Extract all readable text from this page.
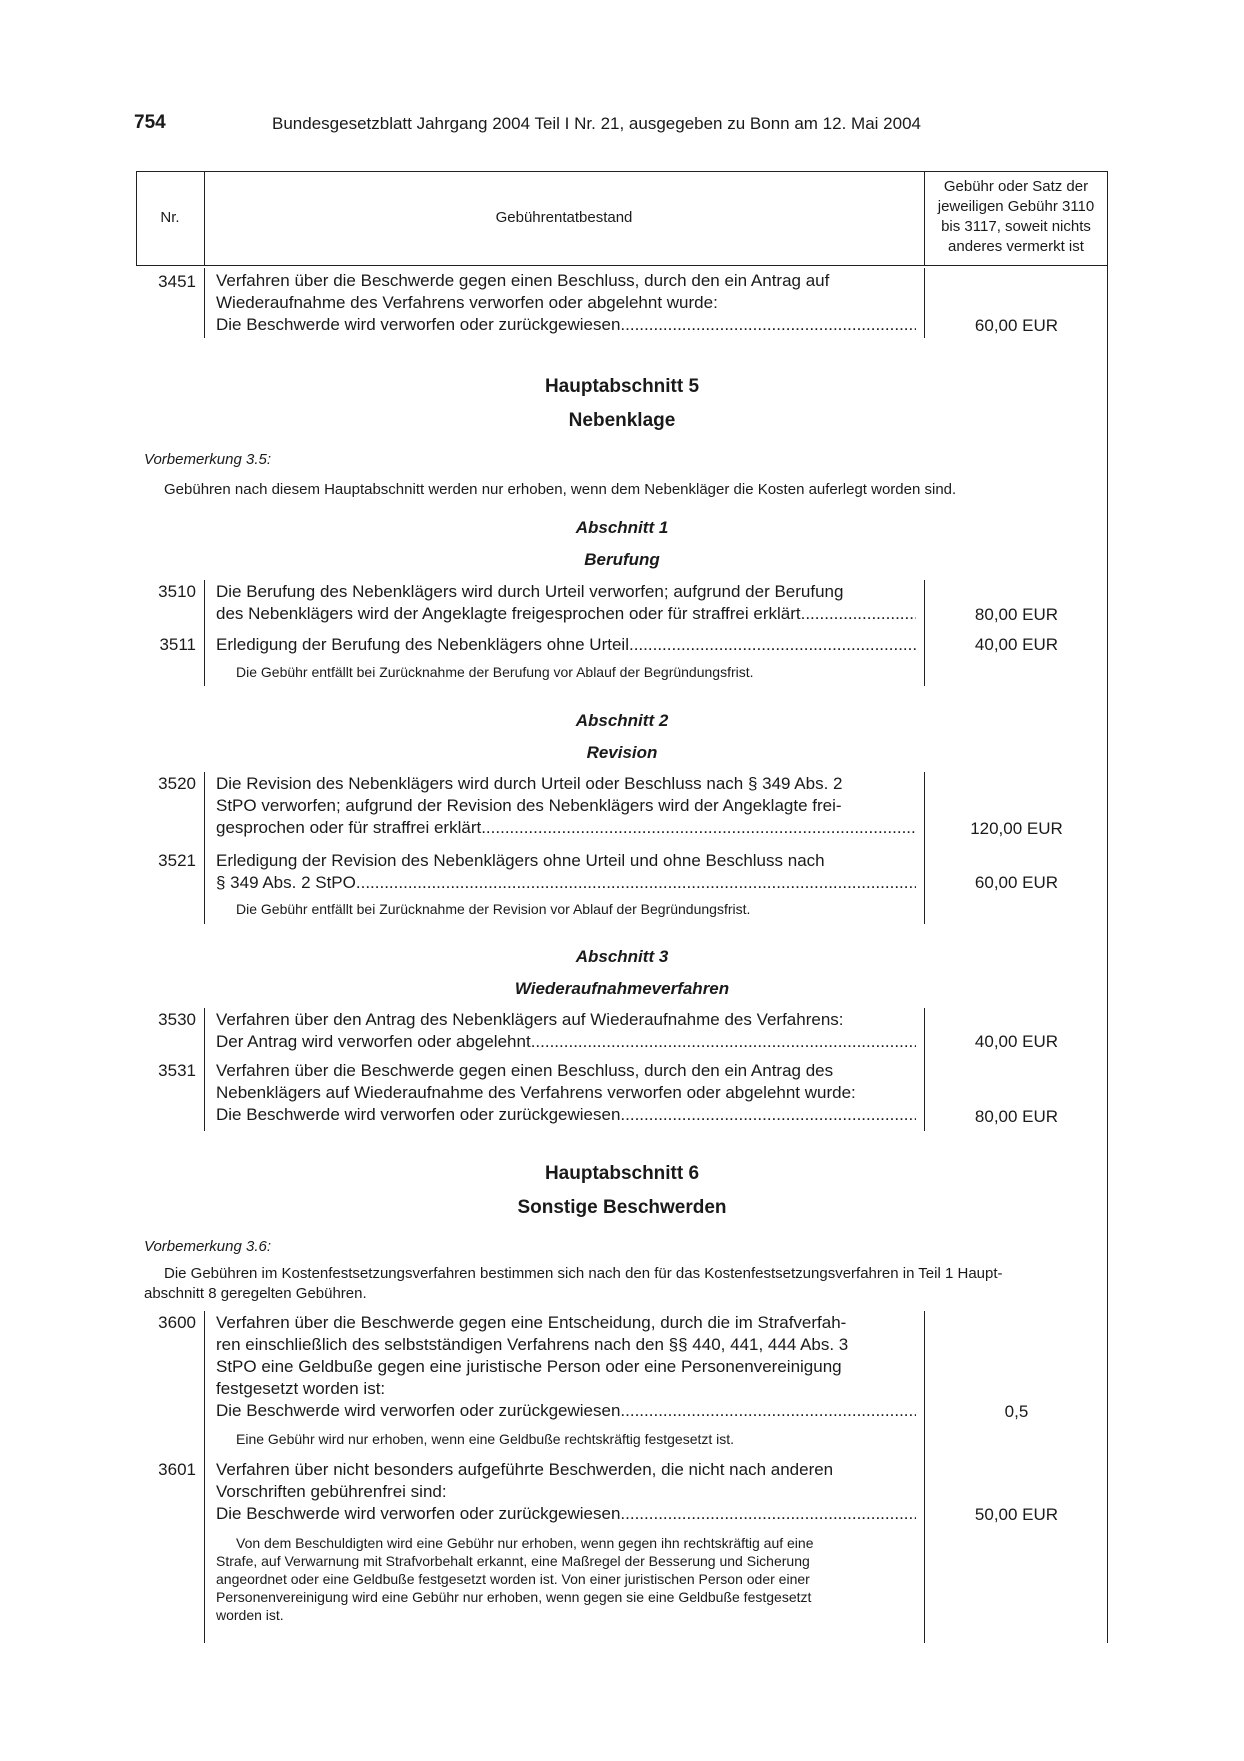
754	Bundesgesetzblatt Jahrgang 2004 Teil I Nr. 21, ausgegeben zu Bonn am 12. Mai 2004
Nr.	Gebührentatbestand
Gebühr oder Satz der
jeweiligen Gebühr 3110
bis 3117, soweit nichts
anderes vermerkt ist
3451 Verfahren über die Beschwerde gegen einen Beschluss, durch den ein Antrag auf
Wiederaufnahme des Verfahrens verworfen oder abgelehnt wurde:
Die Beschwerde wird verworfen oder zurückgewiesen .....	60,00 EUR
Hauptabschnitt 5
Nebenklage
Vorbemerkung 3.5:
Gebühren nach diesem Hauptabschnitt werden nur erhoben, wenn dem Nebenkläger die Kosten auferlegt worden sind.
Abschnitt 1
Berufung
3510 Die Berufung des Nebenklägers wird durch Urteil verworfen; aufgrund der Berufung
des Nebenklägers wird der Angeklagte freigesprochen oder für straffrei erklärt .....	80,00 EUR
3511 Erledigung der Berufung des Nebenklägers ohne Urteil .....	40,00 EUR
Die Gebühr entfällt bei Zurücknahme der Berufung vor Ablauf der Begründungsfrist.
Abschnitt 2
Revision
3520 Die Revision des Nebenklägers wird durch Urteil oder Beschluss nach § 349 Abs. 2
StPO verworfen; aufgrund der Revision des Nebenklägers wird der Angeklagte frei-
gesprochen oder für straffrei erklärt .....	120,00 EUR
3521 Erledigung der Revision des Nebenklägers ohne Urteil und ohne Beschluss nach
§ 349 Abs. 2 StPO .....	60,00 EUR
Die Gebühr entfällt bei Zurücknahme der Revision vor Ablauf der Begründungsfrist.
Abschnitt 3
Wiederaufnahmeverfahren
3530 Verfahren über den Antrag des Nebenklägers auf Wiederaufnahme des Verfahrens:
Der Antrag wird verworfen oder abgelehnt .....	40,00 EUR
3531 Verfahren über die Beschwerde gegen einen Beschluss, durch den ein Antrag des
Nebenklägers auf Wiederaufnahme des Verfahrens verworfen oder abgelehnt wurde:
Die Beschwerde wird verworfen oder zurückgewiesen .....	80,00 EUR
Hauptabschnitt 6
Sonstige Beschwerden
Vorbemerkung 3.6:
Die Gebühren im Kostenfestsetzungsverfahren bestimmen sich nach den für das Kostenfestsetzungsverfahren in Teil 1 Haupt-
abschnitt 8 geregelten Gebühren.
3600 Verfahren über die Beschwerde gegen eine Entscheidung, durch die im Strafverfah-
ren einschließlich des selbstständigen Verfahrens nach den §§ 440, 441, 444 Abs. 3
StPO eine Geldbuße gegen eine juristische Person oder eine Personenvereinigung
festgesetzt worden ist:
Die Beschwerde wird verworfen oder zurückgewiesen .....	0,5
Eine Gebühr wird nur erhoben, wenn eine Geldbuße rechtskräftig festgesetzt ist.
3601 Verfahren über nicht besonders aufgeführte Beschwerden, die nicht nach anderen
Vorschriften gebührenfrei sind:
Die Beschwerde wird verworfen oder zurückgewiesen .....	50,00 EUR
Von dem Beschuldigten wird eine Gebühr nur erhoben, wenn gegen ihn rechtskräftig auf eine
Strafe, auf Verwarnung mit Strafvorbehalt erkannt, eine Maßregel der Besserung und Sicherung
angeordnet oder eine Geldbuße festgesetzt worden ist. Von einer juristischen Person oder einer
Personenvereinigung wird eine Gebühr nur erhoben, wenn gegen sie eine Geldbuße festgesetzt
worden ist.
